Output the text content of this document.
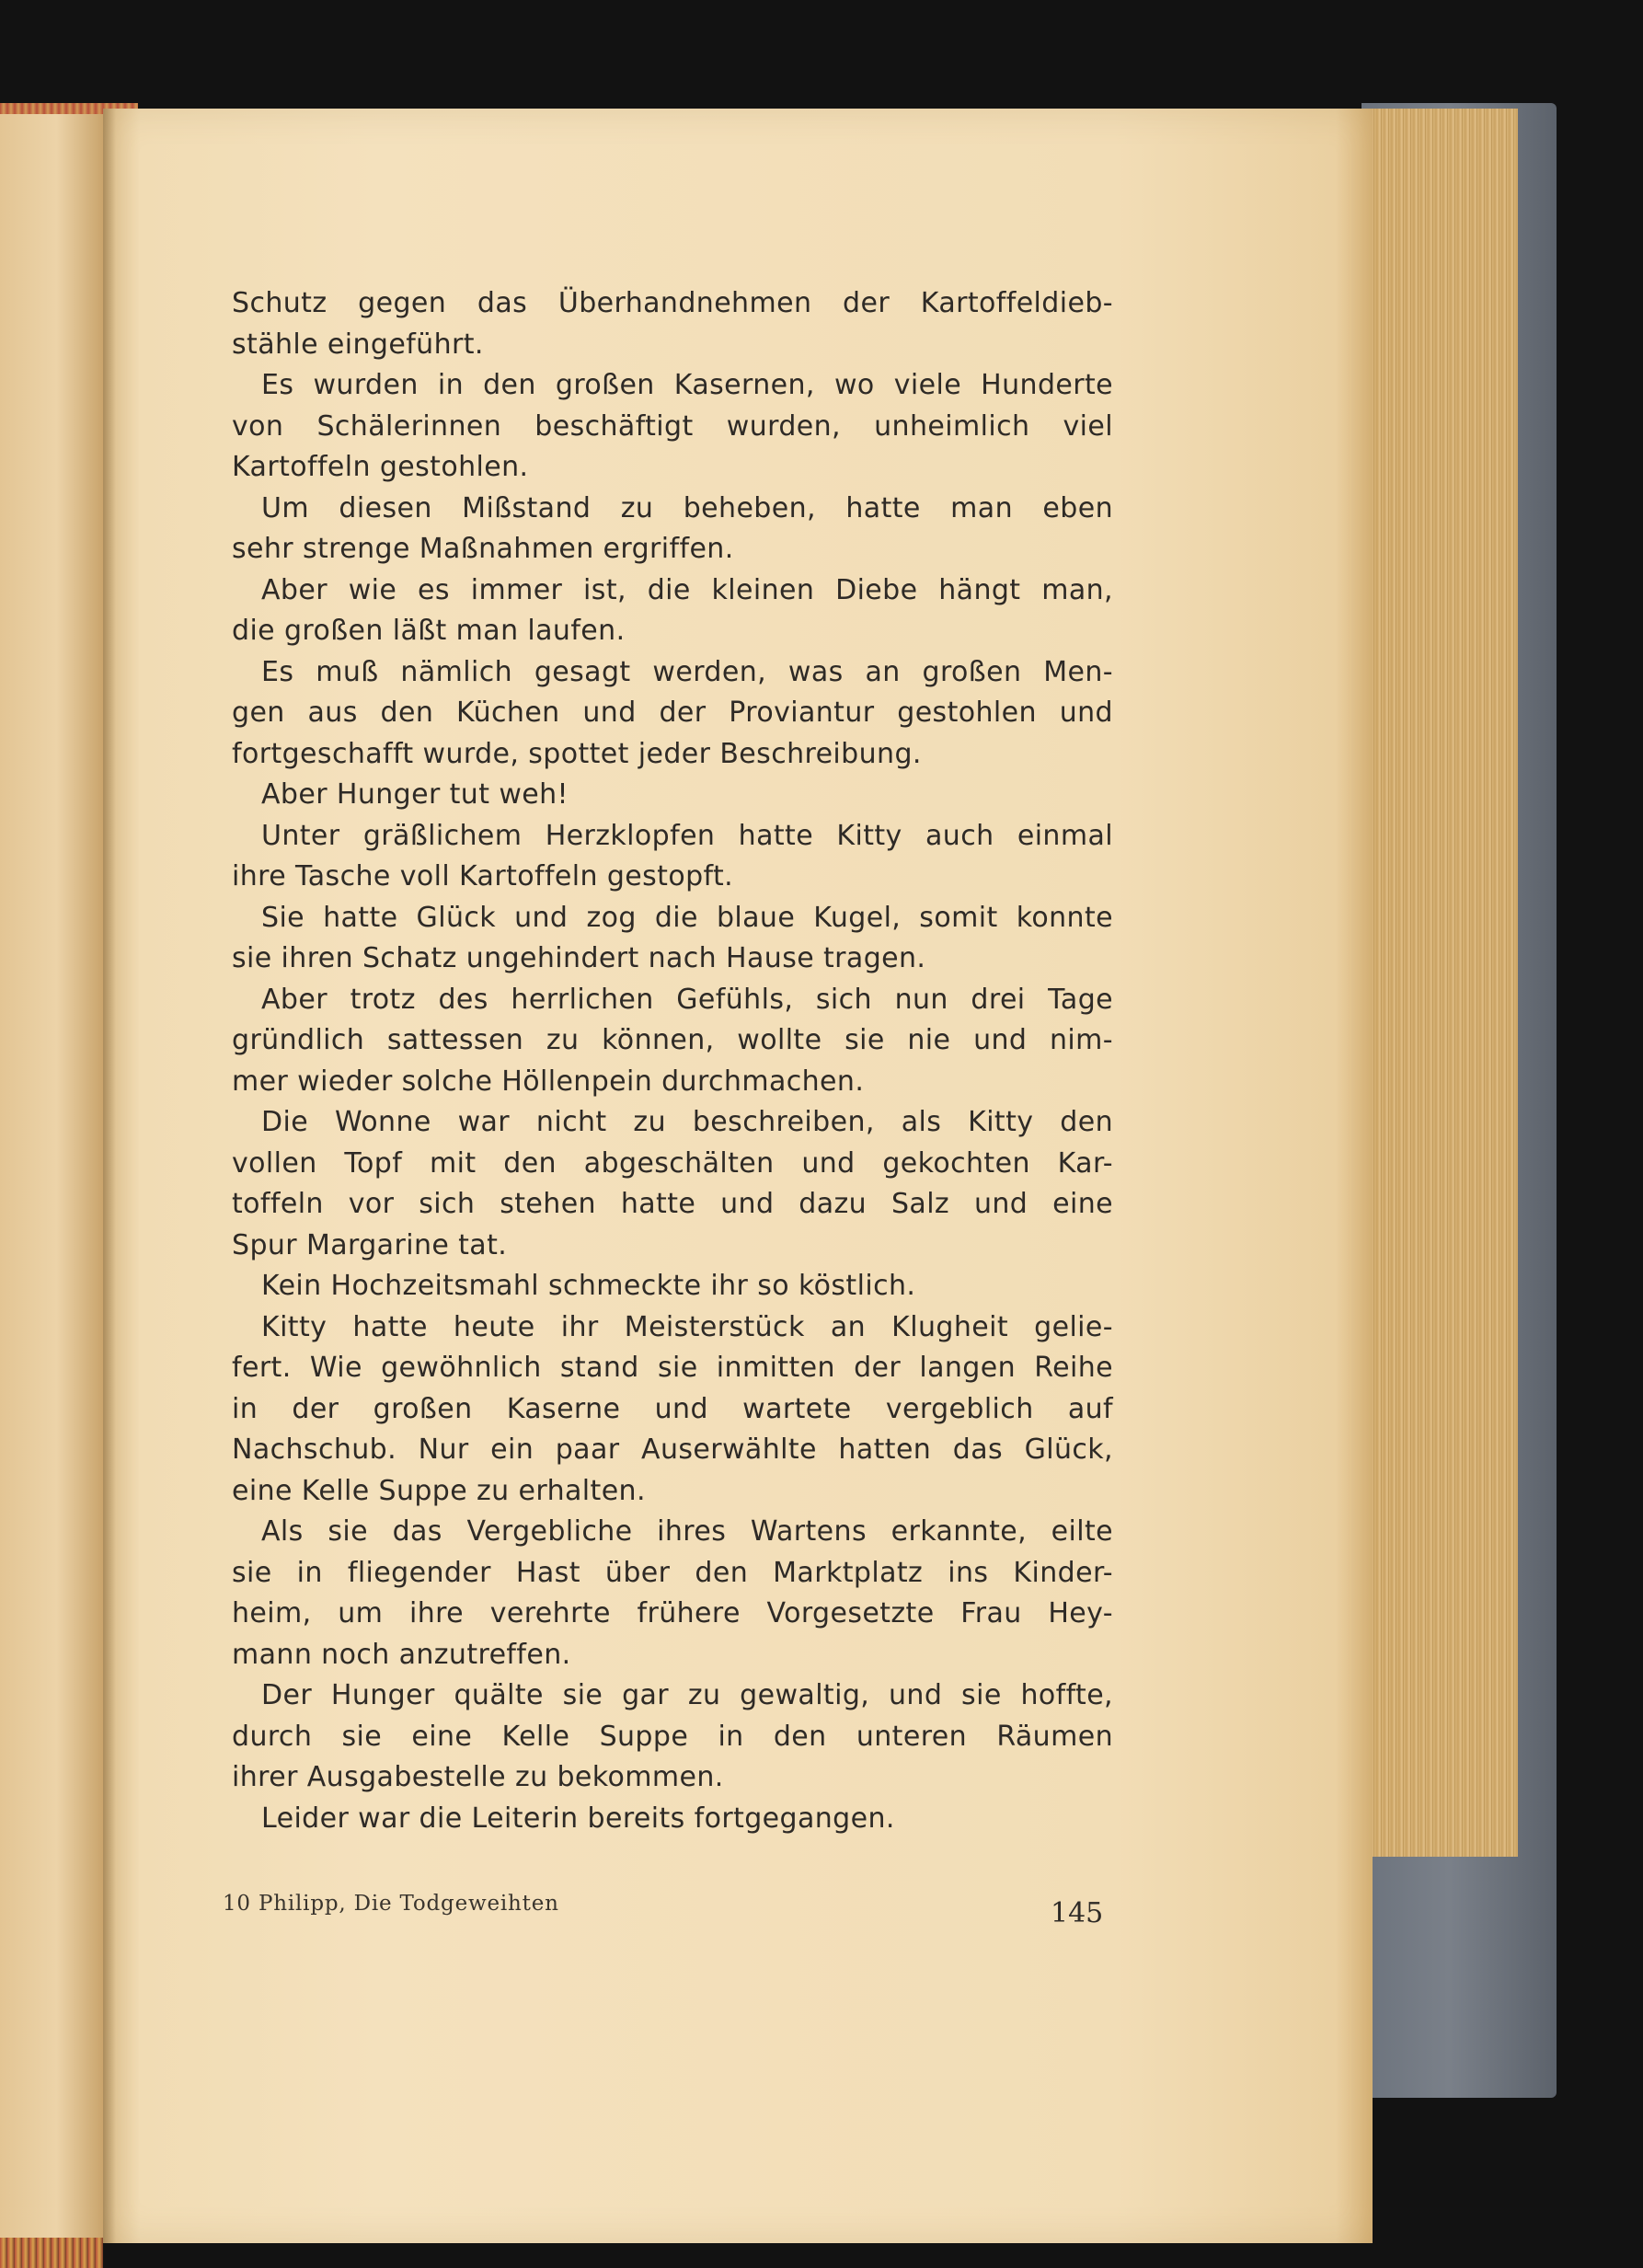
Schutz gegen das Überhandnehmen der Kartoffeldieb-
stähle eingeführt.
Es wurden in den großen Kasernen, wo viele Hunderte
von Schälerinnen beschäftigt wurden, unheimlich viel
Kartoffeln gestohlen.
Um diesen Mißstand zu beheben, hatte man eben
sehr strenge Maßnahmen ergriffen.
Aber wie es immer ist, die kleinen Diebe hängt man,
die großen läßt man laufen.
Es muß nämlich gesagt werden, was an großen Men-
gen aus den Küchen und der Proviantur gestohlen und
fortgeschafft wurde, spottet jeder Beschreibung.
Aber Hunger tut weh!
Unter gräßlichem Herzklopfen hatte Kitty auch einmal
ihre Tasche voll Kartoffeln gestopft.
Sie hatte Glück und zog die blaue Kugel, somit konnte
sie ihren Schatz ungehindert nach Hause tragen.
Aber trotz des herrlichen Gefühls, sich nun drei Tage
gründlich sattessen zu können, wollte sie nie und nim-
mer wieder solche Höllenpein durchmachen.
Die Wonne war nicht zu beschreiben, als Kitty den
vollen Topf mit den abgeschälten und gekochten Kar-
toffeln vor sich stehen hatte und dazu Salz und eine
Spur Margarine tat.
Kein Hochzeitsmahl schmeckte ihr so köstlich.
Kitty hatte heute ihr Meisterstück an Klugheit gelie-
fert. Wie gewöhnlich stand sie inmitten der langen Reihe
in der großen Kaserne und wartete vergeblich auf
Nachschub. Nur ein paar Auserwählte hatten das Glück,
eine Kelle Suppe zu erhalten.
Als sie das Vergebliche ihres Wartens erkannte, eilte
sie in fliegender Hast über den Marktplatz ins Kinder-
heim, um ihre verehrte frühere Vorgesetzte Frau Hey-
mann noch anzutreffen.
Der Hunger quälte sie gar zu gewaltig, und sie hoffte,
durch sie eine Kelle Suppe in den unteren Räumen
ihrer Ausgabestelle zu bekommen.
Leider war die Leiterin bereits fortgegangen.
10 Philipp, Die Todgeweihten	145
